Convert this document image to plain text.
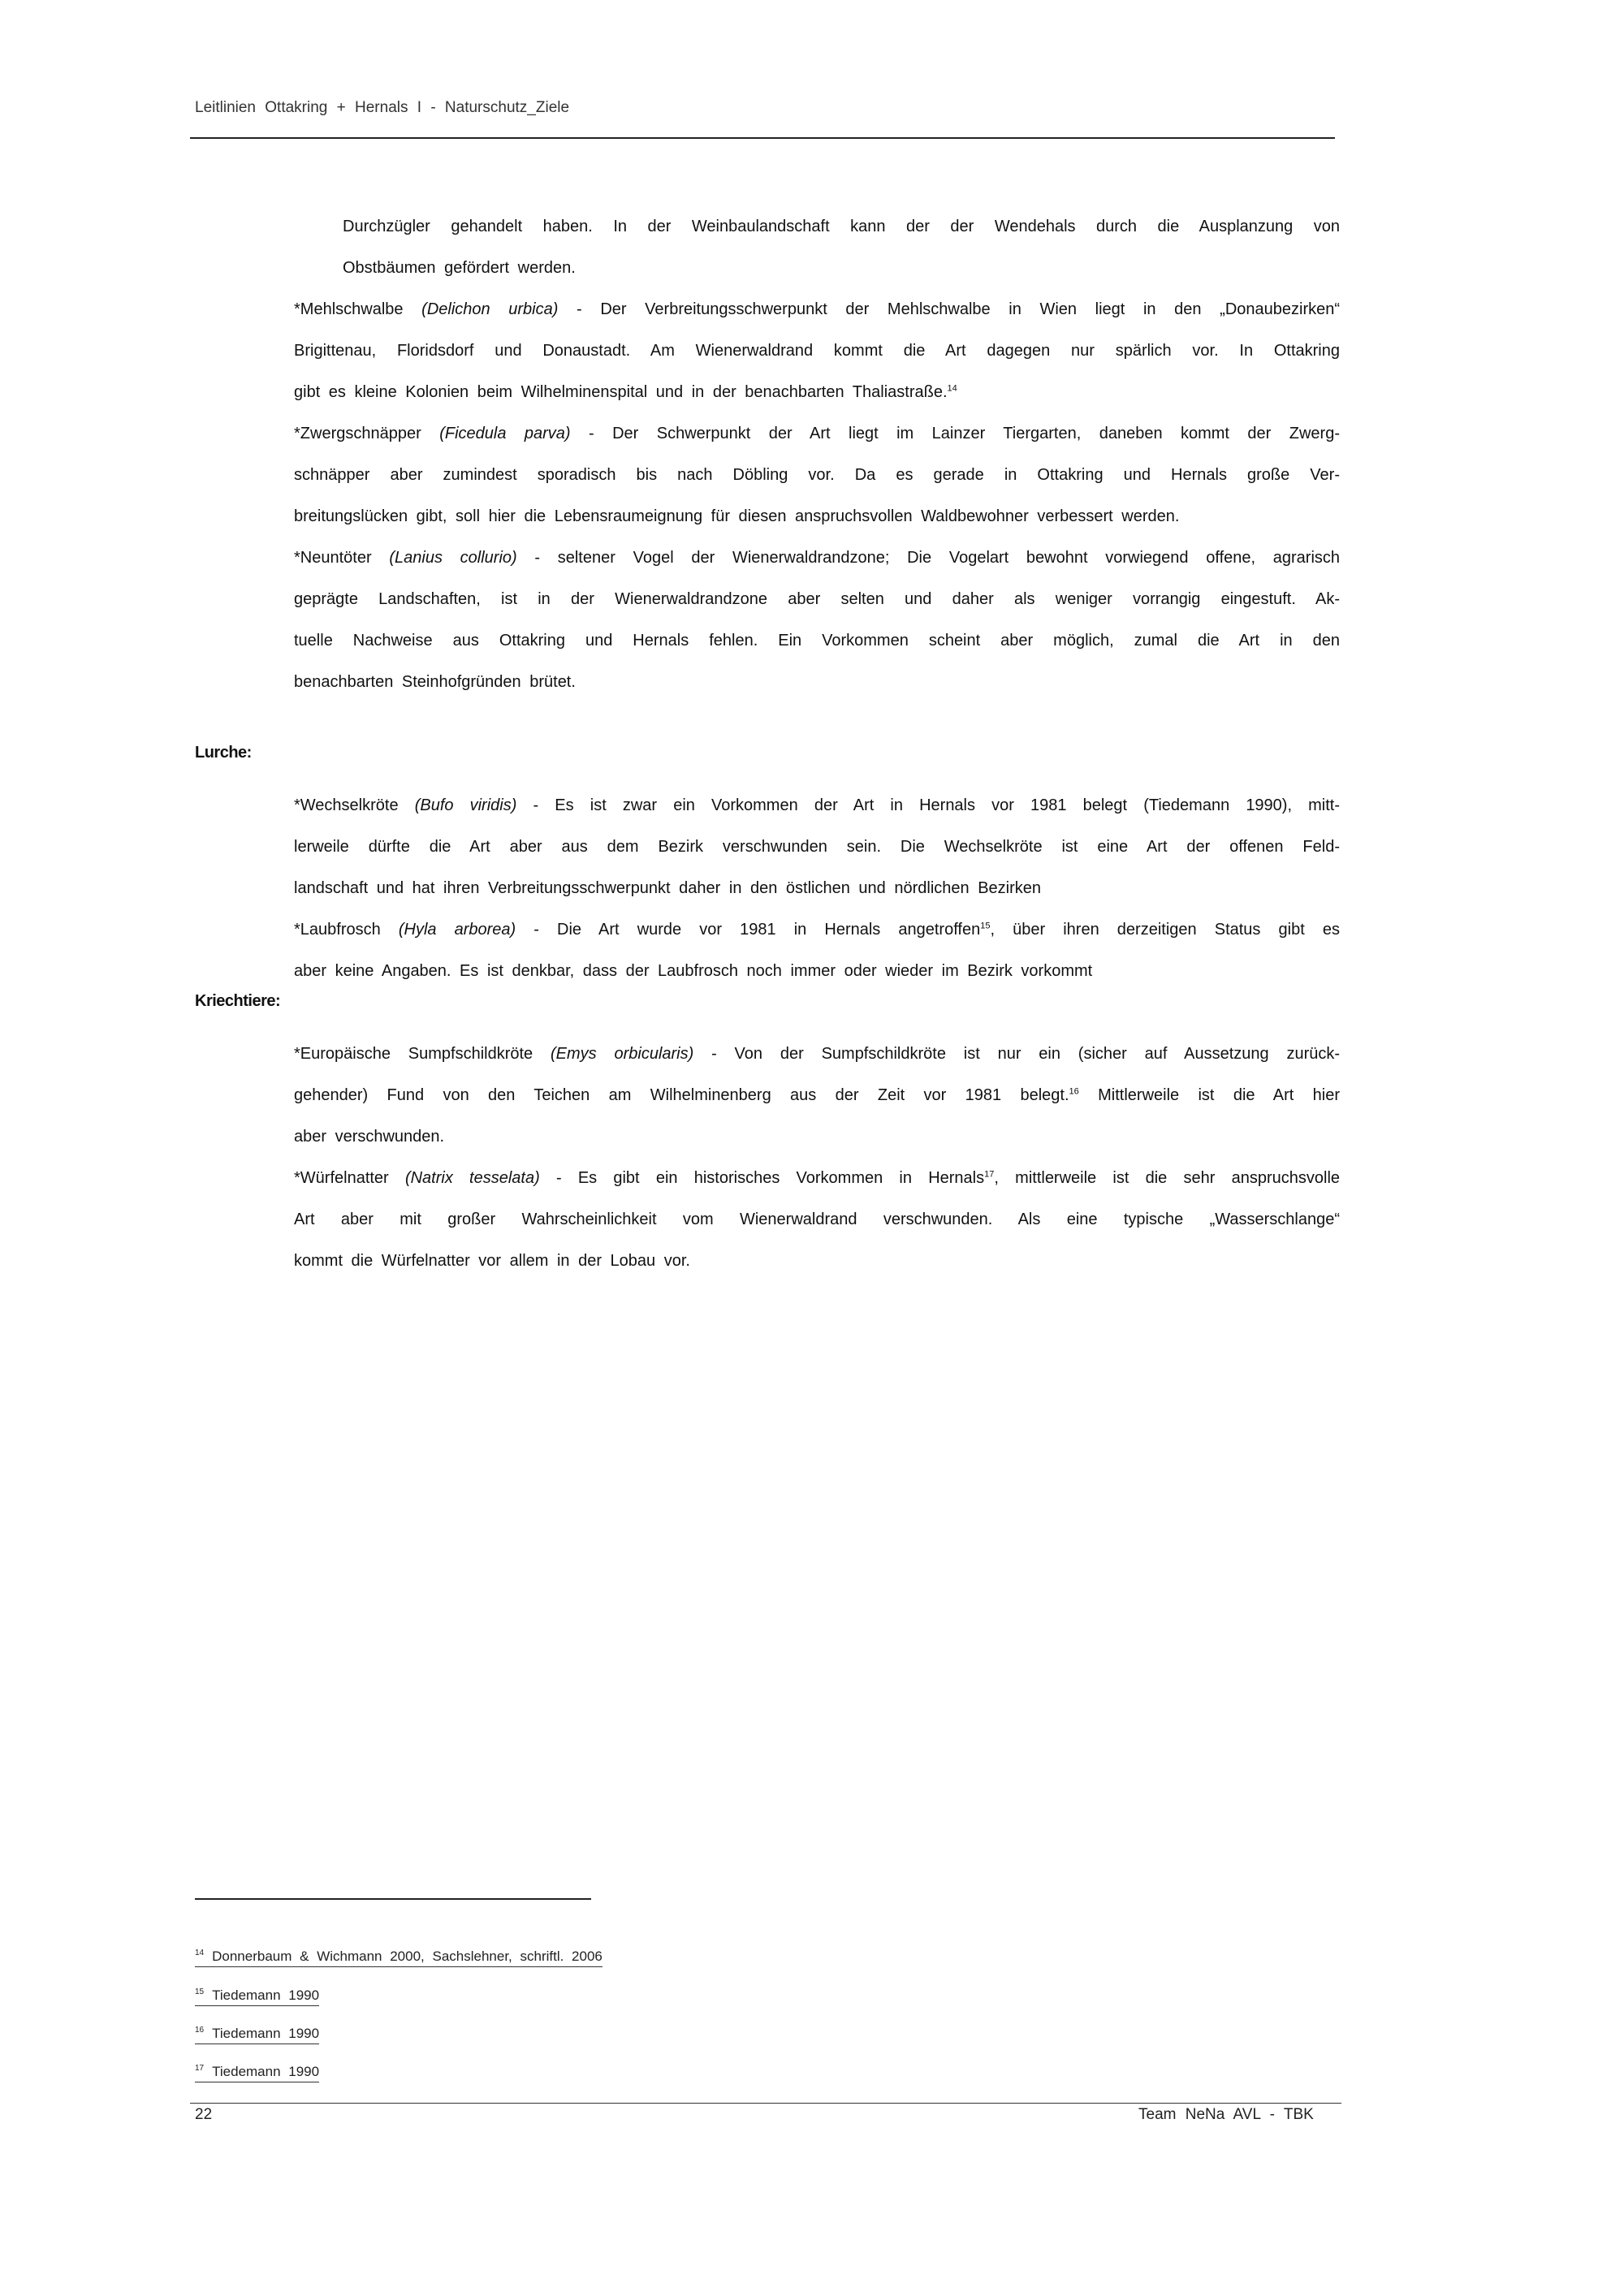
Leitlinien Ottakring + Hernals I - Naturschutz_Ziele
Durchzügler gehandelt haben. In der Weinbaulandschaft kann der der Wendehals durch die Ausplanzung von
Obstbäumen gefördert werden.
*Mehlschwalbe (Delichon urbica) - Der Verbreitungsschwerpunkt der Mehlschwalbe in Wien liegt in den „Donaubezirken“
Brigittenau, Floridsdorf und Donaustadt. Am Wienerwaldrand kommt die Art dagegen nur spärlich vor. In Ottakring
gibt es kleine Kolonien beim Wilhelminenspital und in der benachbarten Thaliastraße.$^{14}$
*Zwergschnäpper (Ficedula parva) - Der Schwerpunkt der Art liegt im Lainzer Tiergarten, daneben kommt der Zwerg-
schnäpper aber zumindest sporadisch bis nach Döbling vor. Da es gerade in Ottakring und Hernals große Ver-
breitungslücken gibt, soll hier die Lebensraumeignung für diesen anspruchsvollen Waldbewohner verbessert werden.
*Neuntöter (Lanius collurio) - seltener Vogel der Wienerwaldrandzone; Die Vogelart bewohnt vorwiegend offene, agrarisch
geprägte Landschaften, ist in der Wienerwaldrandzone aber selten und daher als weniger vorrangig eingestuft. Ak-
tuelle Nachweise aus Ottakring und Hernals fehlen. Ein Vorkommen scheint aber möglich, zumal die Art in den
benachbarten Steinhofgründen brütet.
Lurche:
*Wechselkröte (Bufo viridis) - Es ist zwar ein Vorkommen der Art in Hernals vor 1981 belegt (Tiedemann 1990), mitt-
lerweile dürfte die Art aber aus dem Bezirk verschwunden sein. Die Wechselkröte ist eine Art der offenen Feld-
landschaft und hat ihren Verbreitungsschwerpunkt daher in den östlichen und nördlichen Bezirken
*Laubfrosch (Hyla arborea) - Die Art wurde vor 1981 in Hernals angetroffen$^{15}$, über ihren derzeitigen Status gibt es
aber keine Angaben. Es ist denkbar, dass der Laubfrosch noch immer oder wieder im Bezirk vorkommt
Kriechtiere:
*Europäische Sumpfschildkröte (Emys orbicularis) - Von der Sumpfschildkröte ist nur ein (sicher auf Aussetzung zurück-
gehender) Fund von den Teichen am Wilhelminenberg aus der Zeit vor 1981 belegt.$^{16}$ Mittlerweile ist die Art hier
aber verschwunden.
*Würfelnatter (Natrix tesselata) - Es gibt ein historisches Vorkommen in Hernals$^{17}$, mittlerweile ist die sehr anspruchsvolle
Art aber mit großer Wahrscheinlichkeit vom Wienerwaldrand verschwunden. Als eine typische „Wasserschlange“
kommt die Würfelnatter vor allem in der Lobau vor.
$^{14}$ Donnerbaum & Wichmann 2000, Sachslehner, schriftl. 2006
$^{15}$ Tiedemann 1990
$^{16}$ Tiedemann 1990
$^{17}$ Tiedemann 1990
22	Team NeNa AVL - TBK
